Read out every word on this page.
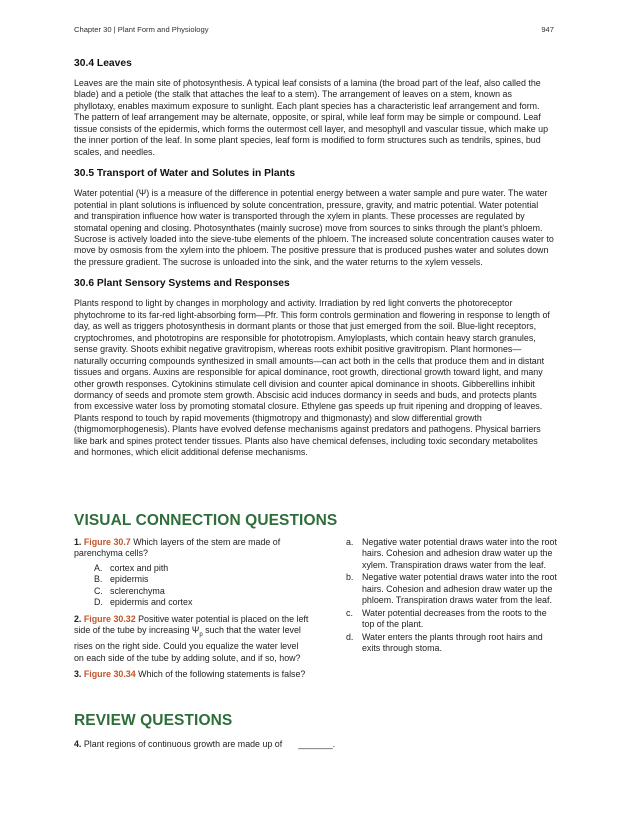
Chapter 30 | Plant Form and Physiology	947
30.4 Leaves

Leaves are the main site of photosynthesis. A typical leaf consists of a lamina (the broad part of the leaf, also called the blade) and a petiole (the stalk that attaches the leaf to a stem). The arrangement of leaves on a stem, known as phyllotaxy, enables maximum exposure to sunlight. Each plant species has a characteristic leaf arrangement and form. The pattern of leaf arrangement may be alternate, opposite, or spiral, while leaf form may be simple or compound. Leaf tissue consists of the epidermis, which forms the outermost cell layer, and mesophyll and vascular tissue, which make up the inner portion of the leaf. In some plant species, leaf form is modified to form structures such as tendrils, spines, bud scales, and needles.

30.5 Transport of Water and Solutes in Plants

Water potential (Ψ) is a measure of the difference in potential energy between a water sample and pure water. The water potential in plant solutions is influenced by solute concentration, pressure, gravity, and matric potential. Water potential and transpiration influence how water is transported through the xylem in plants. These processes are regulated by stomatal opening and closing. Photosynthates (mainly sucrose) move from sources to sinks through the plant’s phloem. Sucrose is actively loaded into the sieve-tube elements of the phloem. The increased solute concentration causes water to move by osmosis from the xylem into the phloem. The positive pressure that is produced pushes water and solutes down the pressure gradient. The sucrose is unloaded into the sink, and the water returns to the xylem vessels.

30.6 Plant Sensory Systems and Responses

Plants respond to light by changes in morphology and activity. Irradiation by red light converts the photoreceptor phytochrome to its far-red light-absorbing form—Pfr. This form controls germination and flowering in response to length of day, as well as triggers photosynthesis in dormant plants or those that just emerged from the soil. Blue-light receptors, cryptochromes, and phototropins are responsible for phototropism. Amyloplasts, which contain heavy starch granules, sense gravity. Shoots exhibit negative gravitropism, whereas roots exhibit positive gravitropism. Plant hormones—naturally occurring compounds synthesized in small amounts—can act both in the cells that produce them and in distant tissues and organs. Auxins are responsible for apical dominance, root growth, directional growth toward light, and many other growth responses. Cytokinins stimulate cell division and counter apical dominance in shoots. Gibberellins inhibit dormancy of seeds and promote stem growth. Abscisic acid induces dormancy in seeds and buds, and protects plants from excessive water loss by promoting stomatal closure. Ethylene gas speeds up fruit ripening and dropping of leaves. Plants respond to touch by rapid movements (thigmotropy and thigmonasty) and slow differential growth (thigmomorphogenesis). Plants have evolved defense mechanisms against predators and pathogens. Physical barriers like bark and spines protect tender tissues. Plants also have chemical defenses, including toxic secondary metabolites and hormones, which elicit additional defense mechanisms.

VISUAL CONNECTION QUESTIONS
1. Figure 30.7 Which layers of the stem are made of parenchyma cells?
A. cortex and pith
B. epidermis
C. sclerenchyma
D. epidermis and cortex
2. Figure 30.32 Positive water potential is placed on the left side of the tube by increasing $\Psi_p$ such that the water level rises on the right side. Could you equalize the water level on each side of the tube by adding solute, and if so, how?
3. Figure 30.34 Which of the following statements is false?
a. Negative water potential draws water into the root hairs. Cohesion and adhesion draw water up the xylem. Transpiration draws water from the leaf.
b. Negative water potential draws water into the root hairs. Cohesion and adhesion draw water up the phloem. Transpiration draws water from the leaf.
c. Water potential decreases from the roots to the top of the plant.
d. Water enters the plants through root hairs and exits through stoma.
REVIEW QUESTIONS
4. Plant regions of continuous growth are made up of _______.
